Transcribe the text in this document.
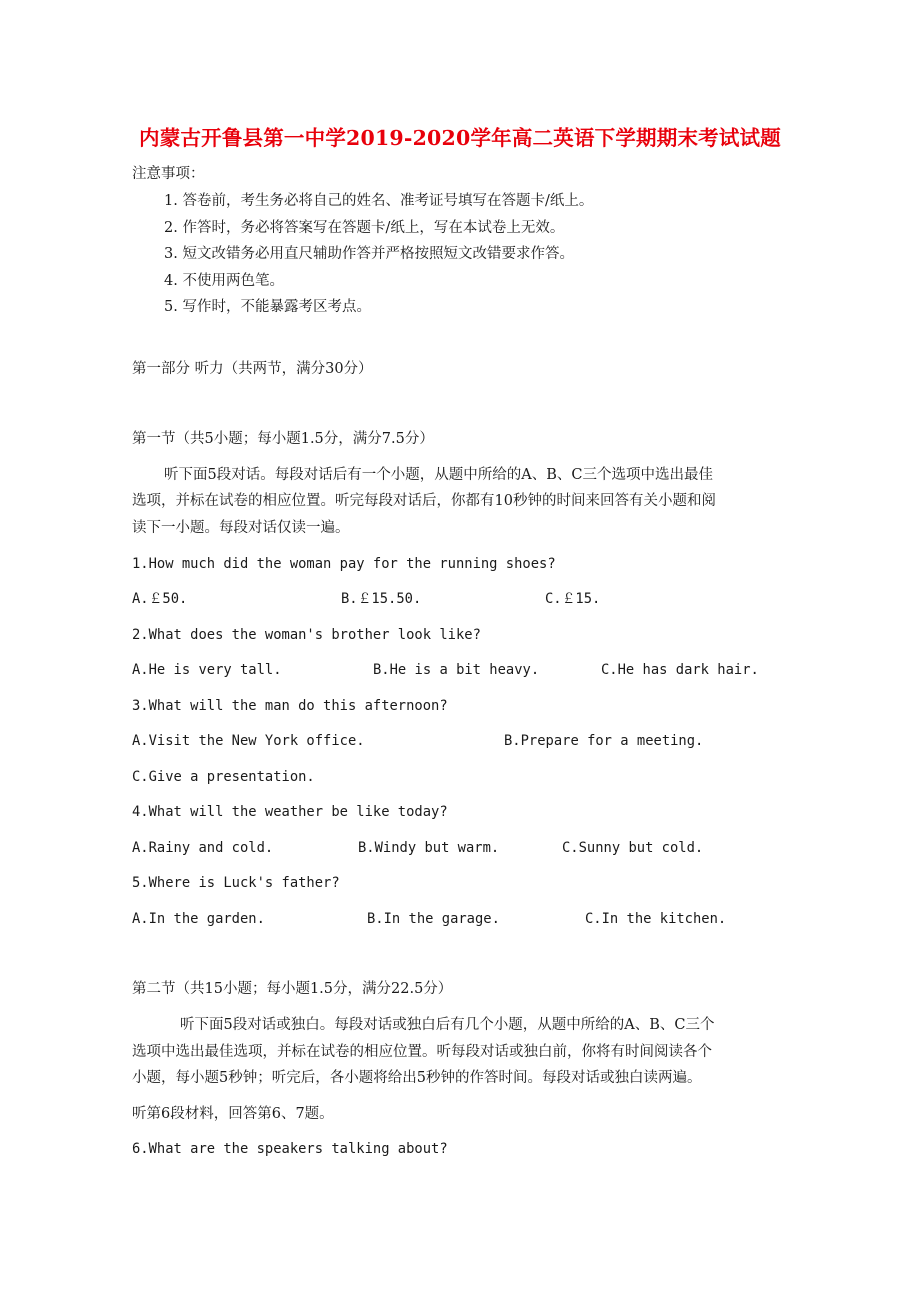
内蒙古开鲁县第一中学2019-2020学年高二英语下学期期末考试试题
注意事项：
1. 答卷前，考生务必将自己的姓名、准考证号填写在答题卡/纸上。
2. 作答时，务必将答案写在答题卡/纸上，写在本试卷上无效。
3. 短文改错务必用直尺辅助作答并严格按照短文改错要求作答。
4. 不使用两色笔。
5. 写作时，不能暴露考区考点。
第一部分 听力（共两节，满分30分）
第一节（共5小题；每小题1.5分，满分7.5分）
听下面5段对话。每段对话后有一个小题，从题中所给的A、B、C三个选项中选出最佳
选项，并标在试卷的相应位置。听完每段对话后，你都有10秒钟的时间来回答有关小题和阅
读下一小题。每段对话仅读一遍。
1.How much did the woman pay for the running shoes?
A.￡50.	B.￡15.50.	C.￡15.
2.What does the woman's brother look like?
A.He is very tall.	B.He is a bit heavy.	C.He has dark hair.
3.What will the man do this afternoon?
A.Visit the New York office.	B.Prepare for a meeting.
C.Give a presentation.
4.What will the weather be like today?
A.Rainy and cold.	B.Windy but warm.	C.Sunny but cold.
5.Where is Luck's father?
A.In the garden.	B.In the garage.	C.In the kitchen.
第二节（共15小题；每小题1.5分，满分22.5分）
听下面5段对话或独白。每段对话或独白后有几个小题，从题中所给的A、B、C三个
选项中选出最佳选项，并标在试卷的相应位置。听每段对话或独白前，你将有时间阅读各个
小题，每小题5秒钟；听完后，各小题将给出5秒钟的作答时间。每段对话或独白读两遍。
听第6段材料，回答第6、7题。
6.What are the speakers talking about?
